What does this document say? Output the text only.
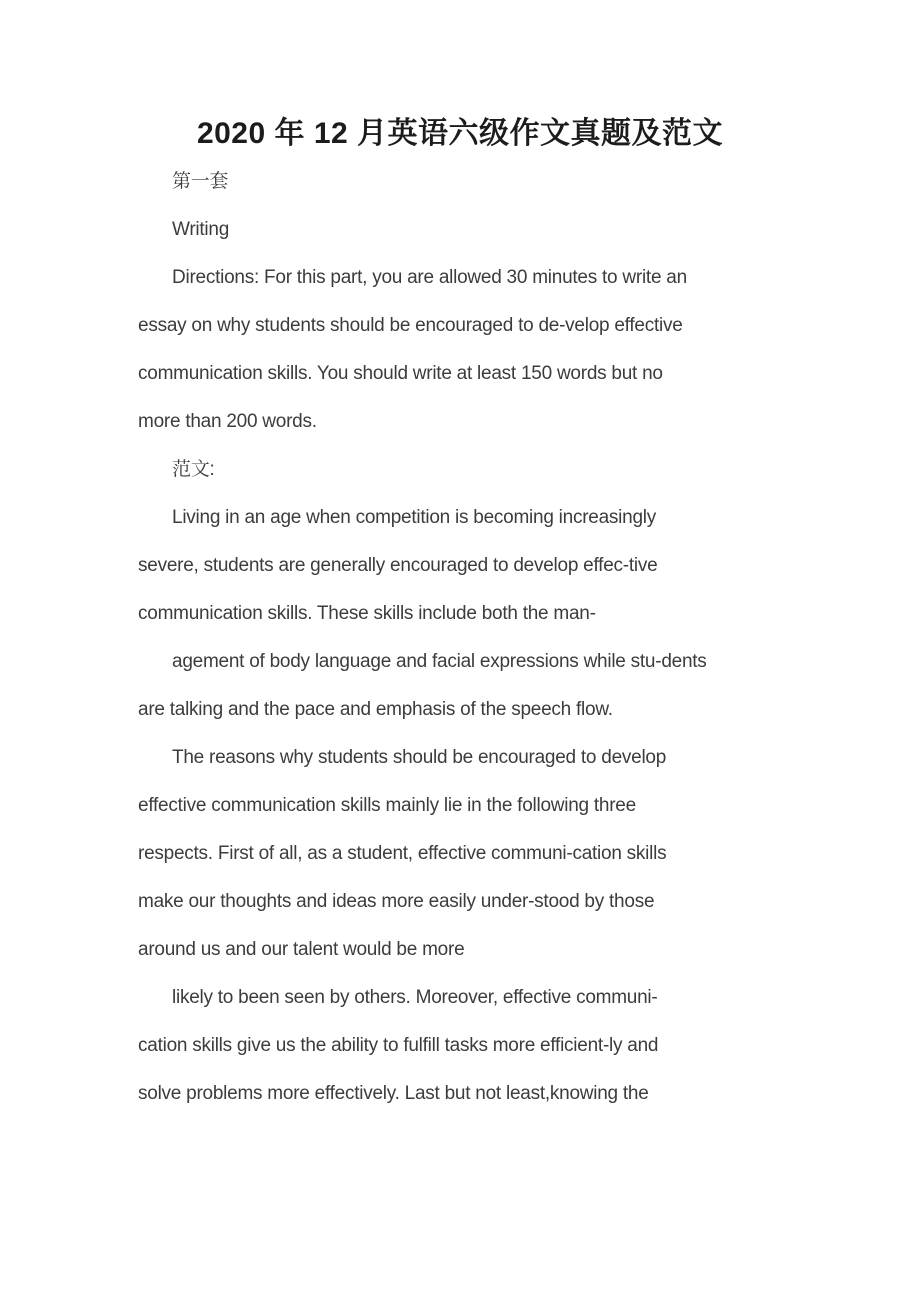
2020 年 12 月英语六级作文真题及范文
第一套
Writing
Directions: For this part, you are allowed 30 minutes to write an
essay on why students should be encouraged to de-velop effective
communication skills. You should write at least 150 words but no
more than 200 words.
范文:
Living in an age when competition is becoming increasingly
severe, students are generally encouraged to develop effec-tive
communication skills. These skills include both the man-
agement of body language and facial expressions while stu-dents
are talking and the pace and emphasis of the speech flow.
The reasons why students should be encouraged to develop
effective communication skills mainly lie in the following three
respects. First of all, as a student, effective communi-cation skills
make our thoughts and ideas more easily under-stood by those
around us and our talent would be more
likely to been seen by others. Moreover, effective communi-
cation skills give us the ability to fulfill tasks more efficient-ly and
solve problems more effectively. Last but not least,knowing the
